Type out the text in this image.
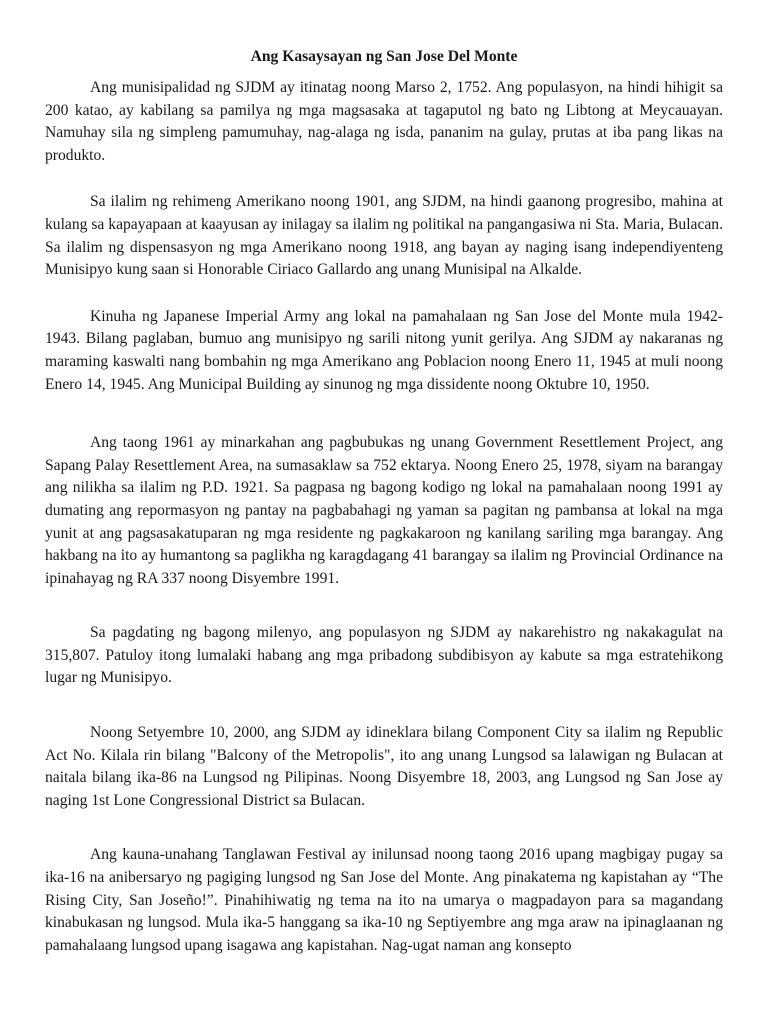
Ang Kasaysayan ng San Jose Del Monte

Ang munisipalidad ng SJDM ay itinatag noong Marso 2, 1752. Ang populasyon, na hindi hihigit sa 200 katao, ay kabilang sa pamilya ng mga magsasaka at tagaputol ng bato ng Libtong at Meycauayan. Namuhay sila ng simpleng pamumuhay, nag-alaga ng isda, pananim na gulay, prutas at iba pang likas na produkto.

Sa ilalim ng rehimeng Amerikano noong 1901, ang SJDM, na hindi gaanong progresibo, mahina at kulang sa kapayapaan at kaayusan ay inilagay sa ilalim ng politikal na pangangasiwa ni Sta. Maria, Bulacan. Sa ilalim ng dispensasyon ng mga Amerikano noong 1918, ang bayan ay naging isang independiyenteng Munisipyo kung saan si Honorable Ciriaco Gallardo ang unang Munisipal na Alkalde.

Kinuha ng Japanese Imperial Army ang lokal na pamahalaan ng San Jose del Monte mula 1942-1943. Bilang paglaban, bumuo ang munisipyo ng sarili nitong yunit gerilya. Ang SJDM ay nakaranas ng maraming kaswalti nang bombahin ng mga Amerikano ang Poblacion noong Enero 11, 1945 at muli noong Enero 14, 1945. Ang Municipal Building ay sinunog ng mga dissidente noong Oktubre 10, 1950.

Ang taong 1961 ay minarkahan ang pagbubukas ng unang Government Resettlement Project, ang Sapang Palay Resettlement Area, na sumasaklaw sa 752 ektarya. Noong Enero 25, 1978, siyam na barangay ang nilikha sa ilalim ng P.D. 1921. Sa pagpasa ng bagong kodigo ng lokal na pamahalaan noong 1991 ay dumating ang repormasyon ng pantay na pagbabahagi ng yaman sa pagitan ng pambansa at lokal na mga yunit at ang pagsasakatuparan ng mga residente ng pagkakaroon ng kanilang sariling mga barangay. Ang hakbang na ito ay humantong sa paglikha ng karagdagang 41 barangay sa ilalim ng Provincial Ordinance na ipinahayag ng RA 337 noong Disyembre 1991.

Sa pagdating ng bagong milenyo, ang populasyon ng SJDM ay nakarehistro ng nakakagulat na 315,807. Patuloy itong lumalaki habang ang mga pribadong subdibisyon ay kabute sa mga estratehikong lugar ng Munisipyo.

Noong Setyembre 10, 2000, ang SJDM ay idineklara bilang Component City sa ilalim ng Republic Act No. Kilala rin bilang "Balcony of the Metropolis", ito ang unang Lungsod sa lalawigan ng Bulacan at naitala bilang ika-86 na Lungsod ng Pilipinas. Noong Disyembre 18, 2003, ang Lungsod ng San Jose ay naging 1st Lone Congressional District sa Bulacan.

Ang kauna-unahang Tanglawan Festival ay inilunsad noong taong 2016 upang magbigay pugay sa ika-16 na anibersaryo ng pagiging lungsod ng San Jose del Monte. Ang pinakatema ng kapistahan ay “The Rising City, San Joseño!”. Pinahihiwatig ng tema na ito na umarya o magpadayon para sa magandang kinabukasan ng lungsod. Mula ika-5 hanggang sa ika-10 ng Septiyembre ang mga araw na ipinaglaanan ng pamahalaang lungsod upang isagawa ang kapistahan. Nag-ugat naman ang konsepto
